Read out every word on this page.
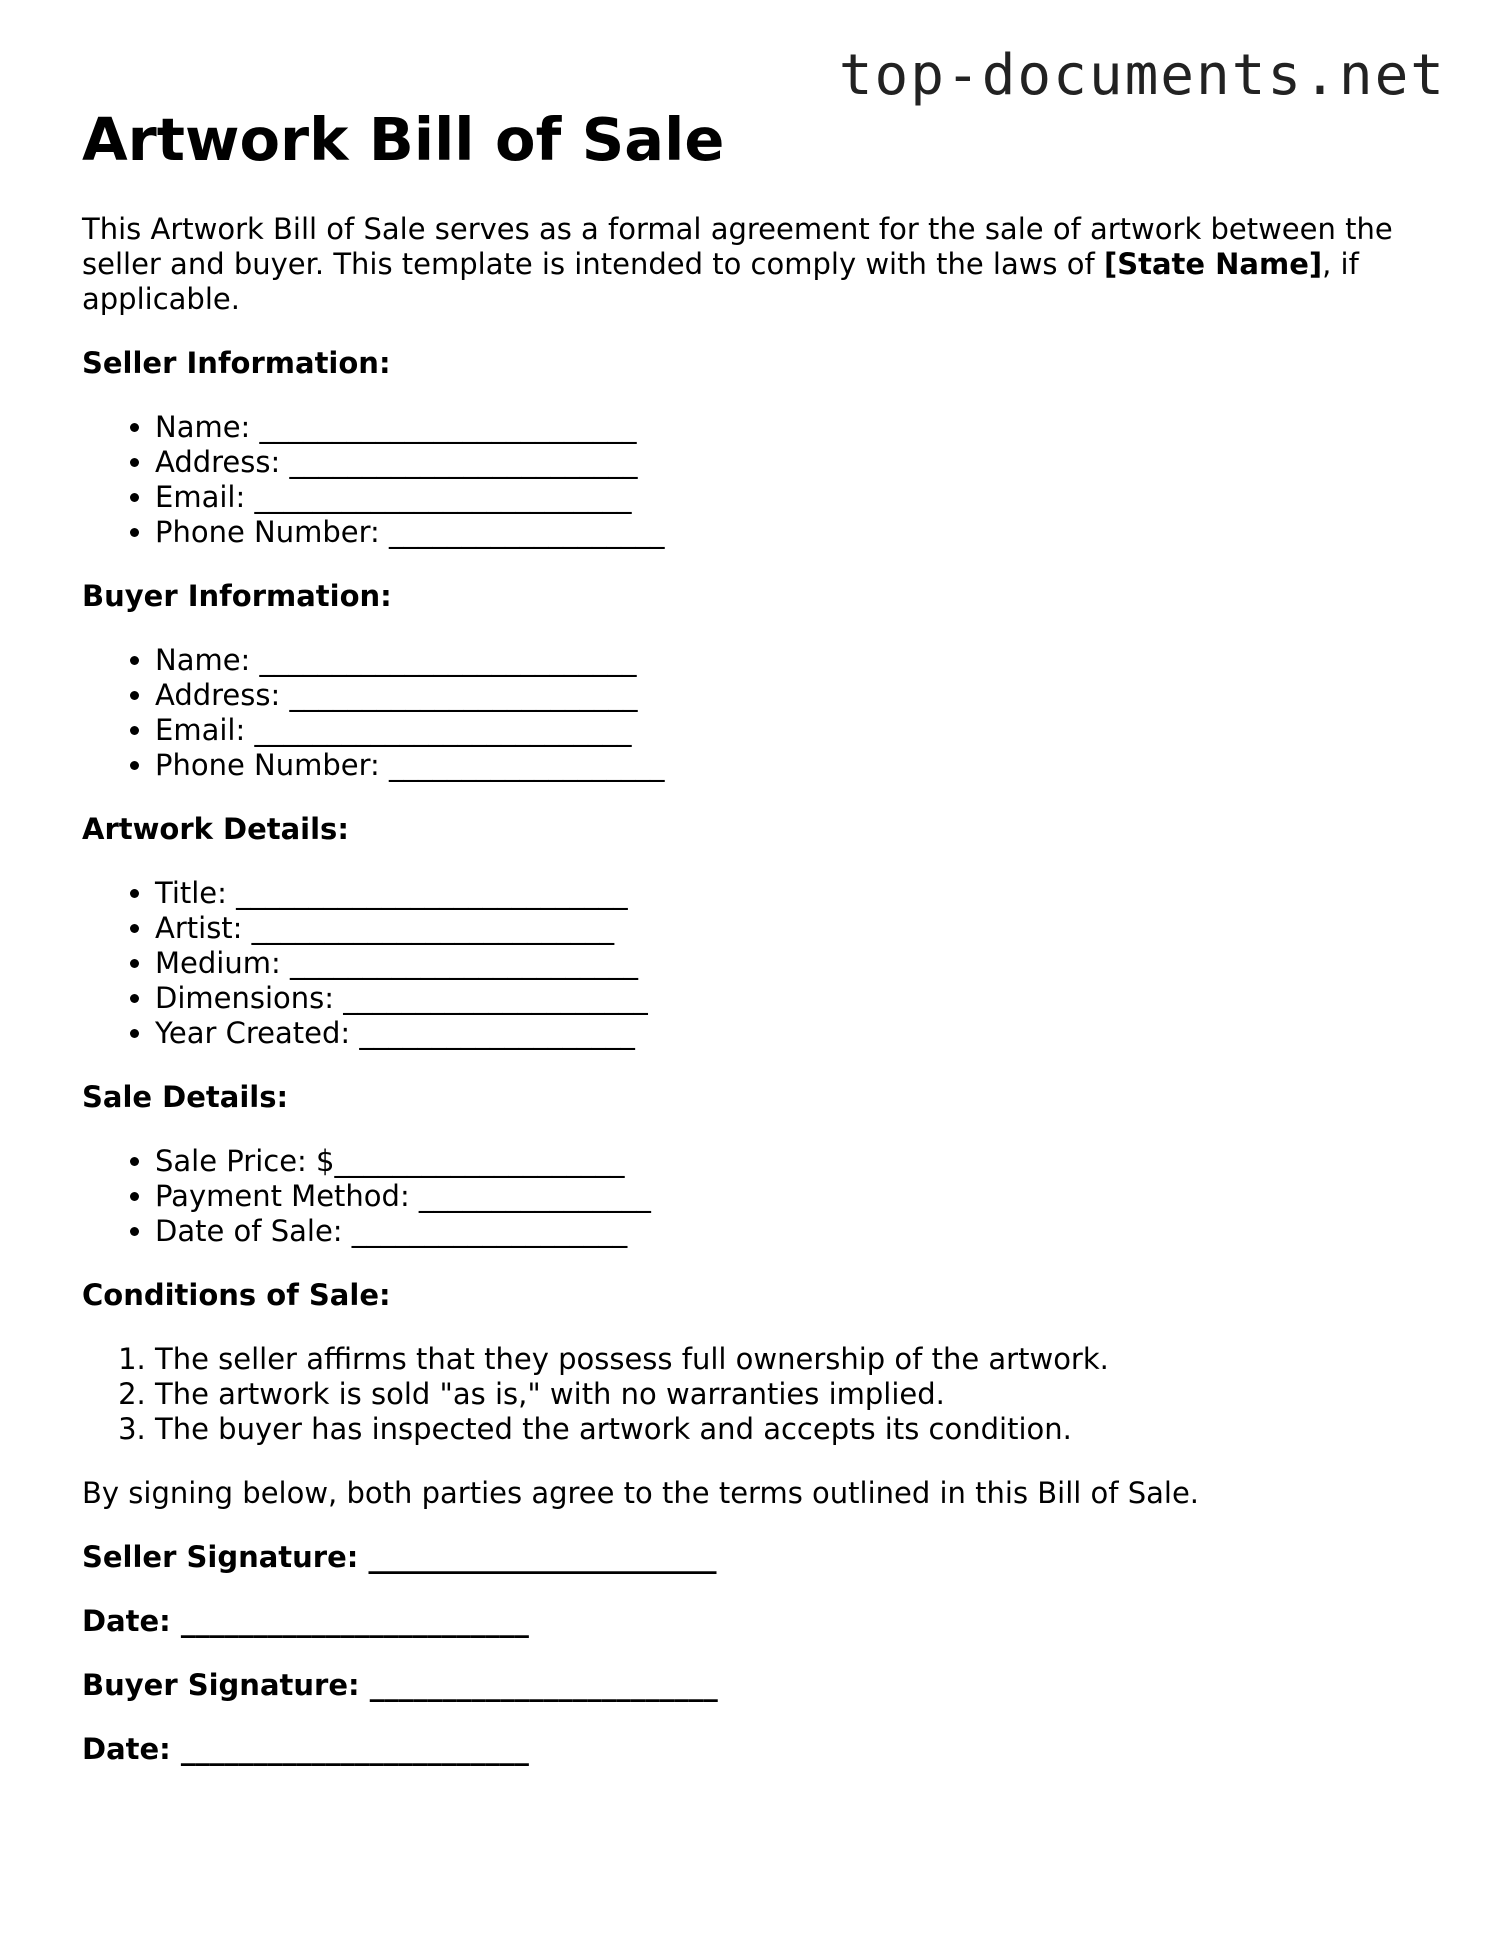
top-documents.net
Artwork Bill of Sale

This Artwork Bill of Sale serves as a formal agreement for the sale of artwork between the seller and buyer. This template is intended to comply with the laws of [State Name], if applicable.

Seller Information:

• Name: __________________________
• Address: ________________________
• Email: __________________________
• Phone Number: ___________________

Buyer Information:

• Name: __________________________
• Address: ________________________
• Email: __________________________
• Phone Number: ___________________

Artwork Details:

• Title: ___________________________
• Artist: _________________________
• Medium: ________________________
• Dimensions: _____________________
• Year Created: ___________________

Sale Details:

• Sale Price: $____________________
• Payment Method: ________________
• Date of Sale: ___________________

Conditions of Sale:

1. The seller affirms that they possess full ownership of the artwork.
2. The artwork is sold "as is," with no warranties implied.
3. The buyer has inspected the artwork and accepts its condition.

By signing below, both parties agree to the terms outlined in this Bill of Sale.

Seller Signature: ________________________

Date: ________________________

Buyer Signature: ________________________

Date: ________________________
